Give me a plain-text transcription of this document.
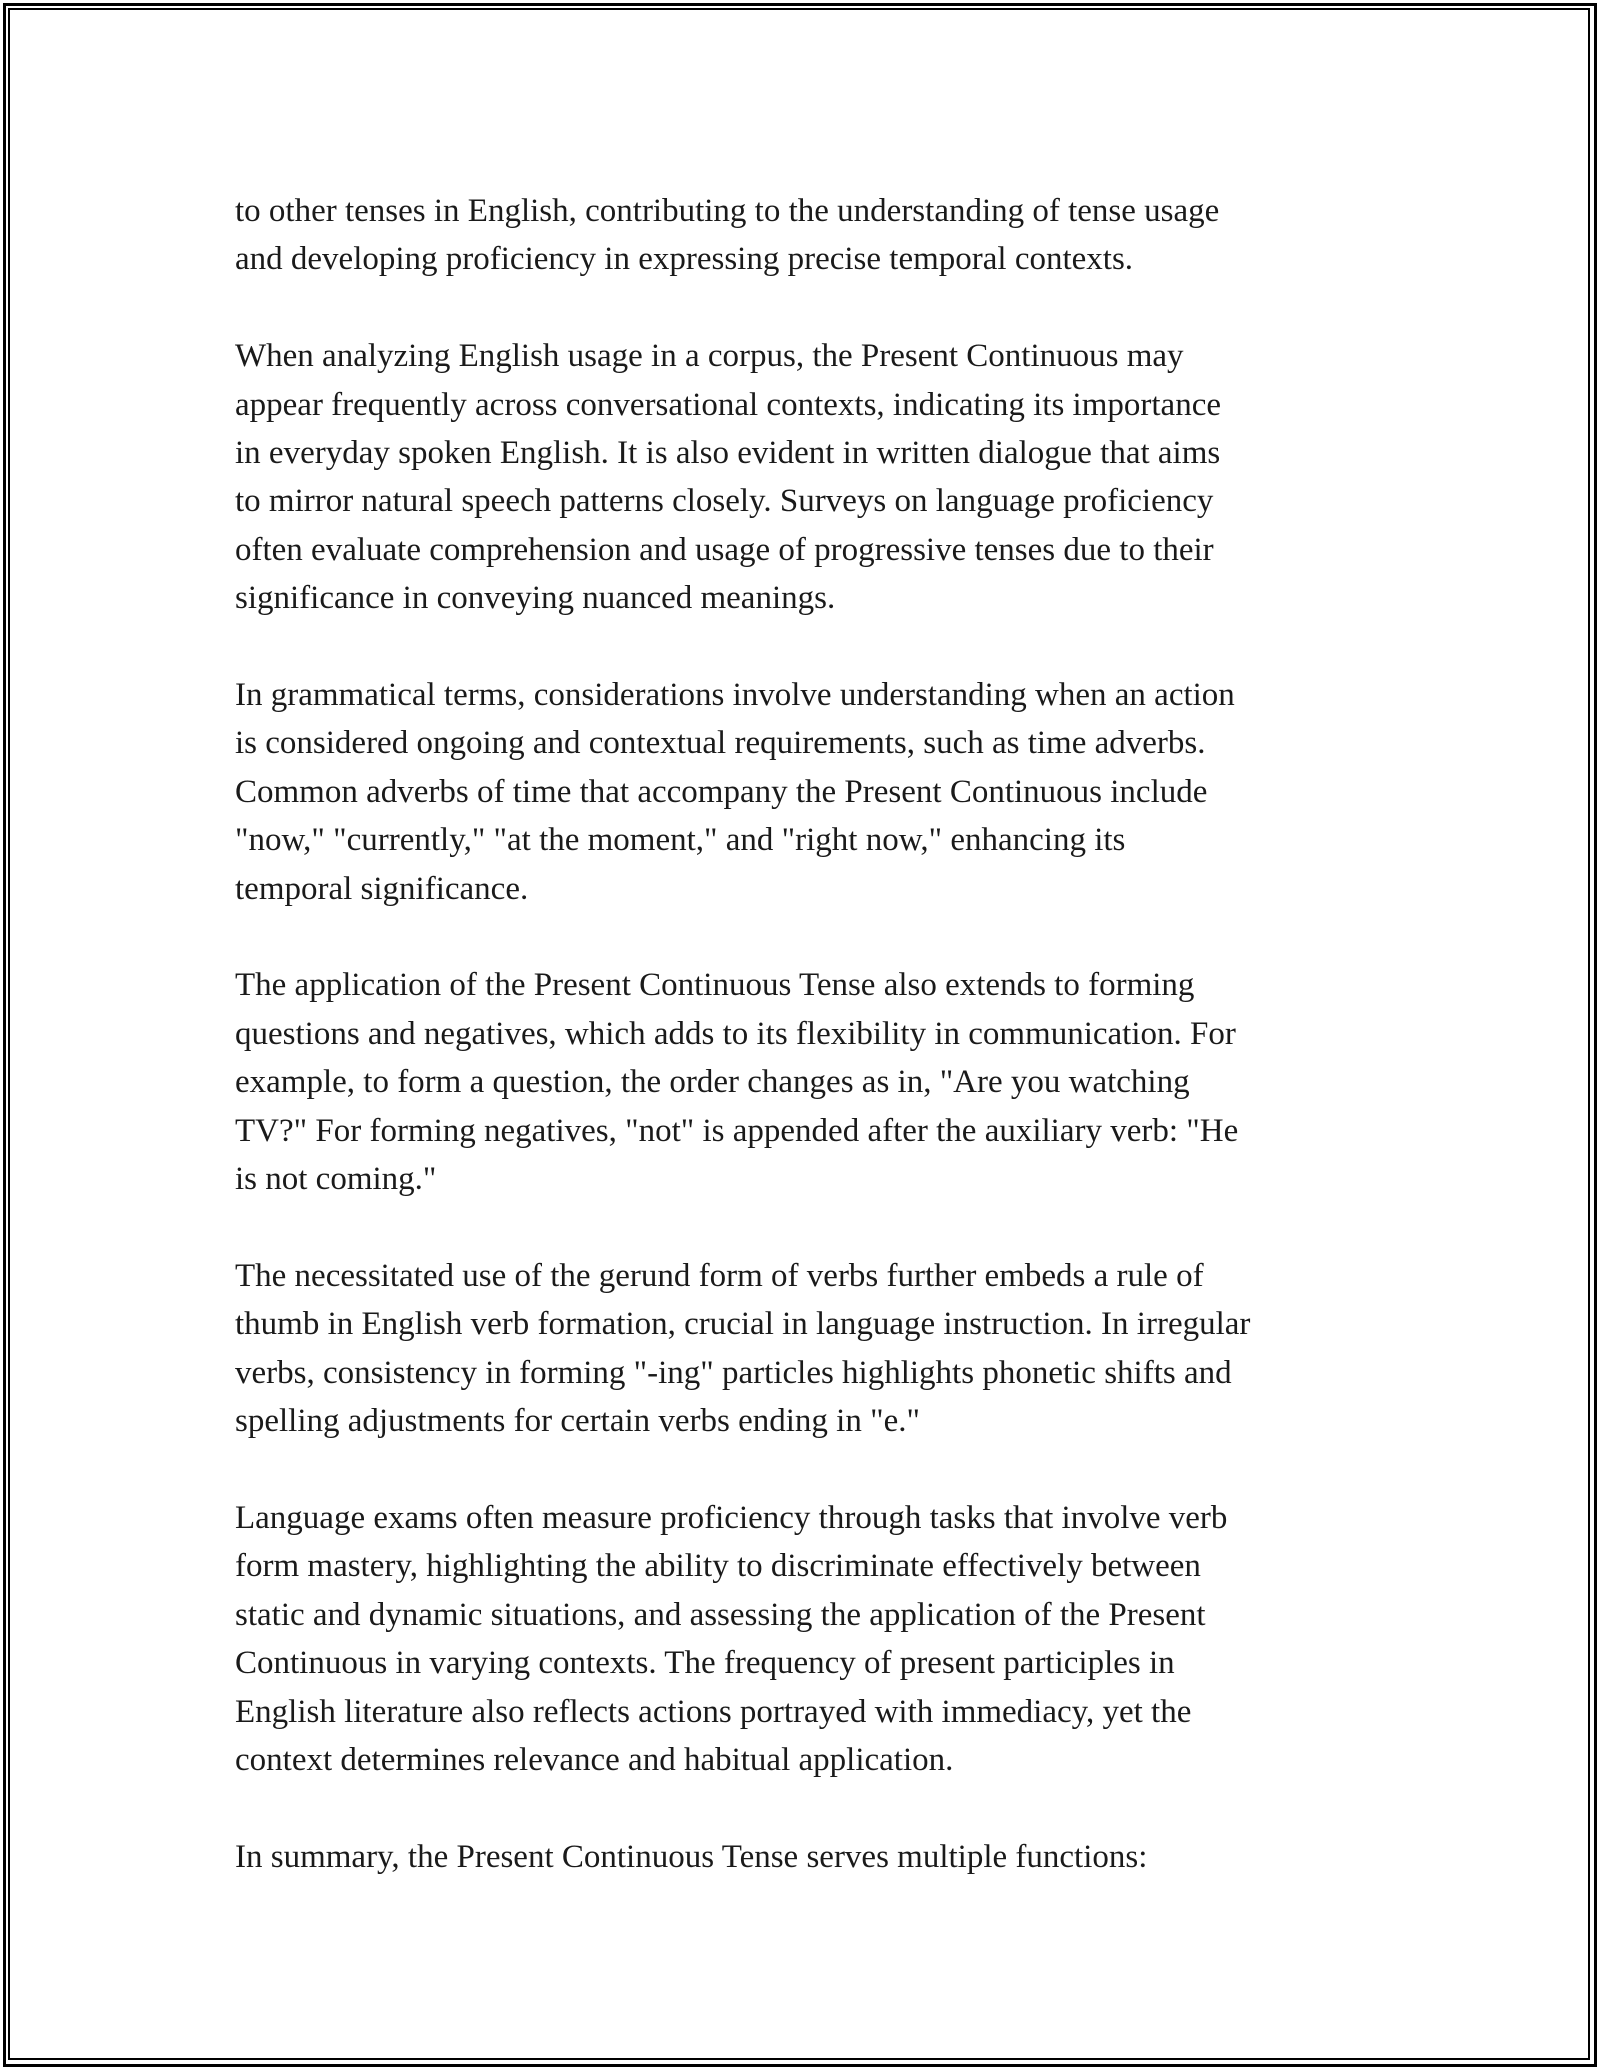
to other tenses in English, contributing to the understanding of tense usage
and developing proficiency in expressing precise temporal contexts.

When analyzing English usage in a corpus, the Present Continuous may
appear frequently across conversational contexts, indicating its importance
in everyday spoken English. It is also evident in written dialogue that aims
to mirror natural speech patterns closely. Surveys on language proficiency
often evaluate comprehension and usage of progressive tenses due to their
significance in conveying nuanced meanings.

In grammatical terms, considerations involve understanding when an action
is considered ongoing and contextual requirements, such as time adverbs.
Common adverbs of time that accompany the Present Continuous include
"now," "currently," "at the moment," and "right now," enhancing its
temporal significance.

The application of the Present Continuous Tense also extends to forming
questions and negatives, which adds to its flexibility in communication. For
example, to form a question, the order changes as in, "Are you watching
TV?" For forming negatives, "not" is appended after the auxiliary verb: "He
is not coming."

The necessitated use of the gerund form of verbs further embeds a rule of
thumb in English verb formation, crucial in language instruction. In irregular
verbs, consistency in forming "-ing" particles highlights phonetic shifts and
spelling adjustments for certain verbs ending in "e."

Language exams often measure proficiency through tasks that involve verb
form mastery, highlighting the ability to discriminate effectively between
static and dynamic situations, and assessing the application of the Present
Continuous in varying contexts. The frequency of present participles in
English literature also reflects actions portrayed with immediacy, yet the
context determines relevance and habitual application.

In summary, the Present Continuous Tense serves multiple functions:
